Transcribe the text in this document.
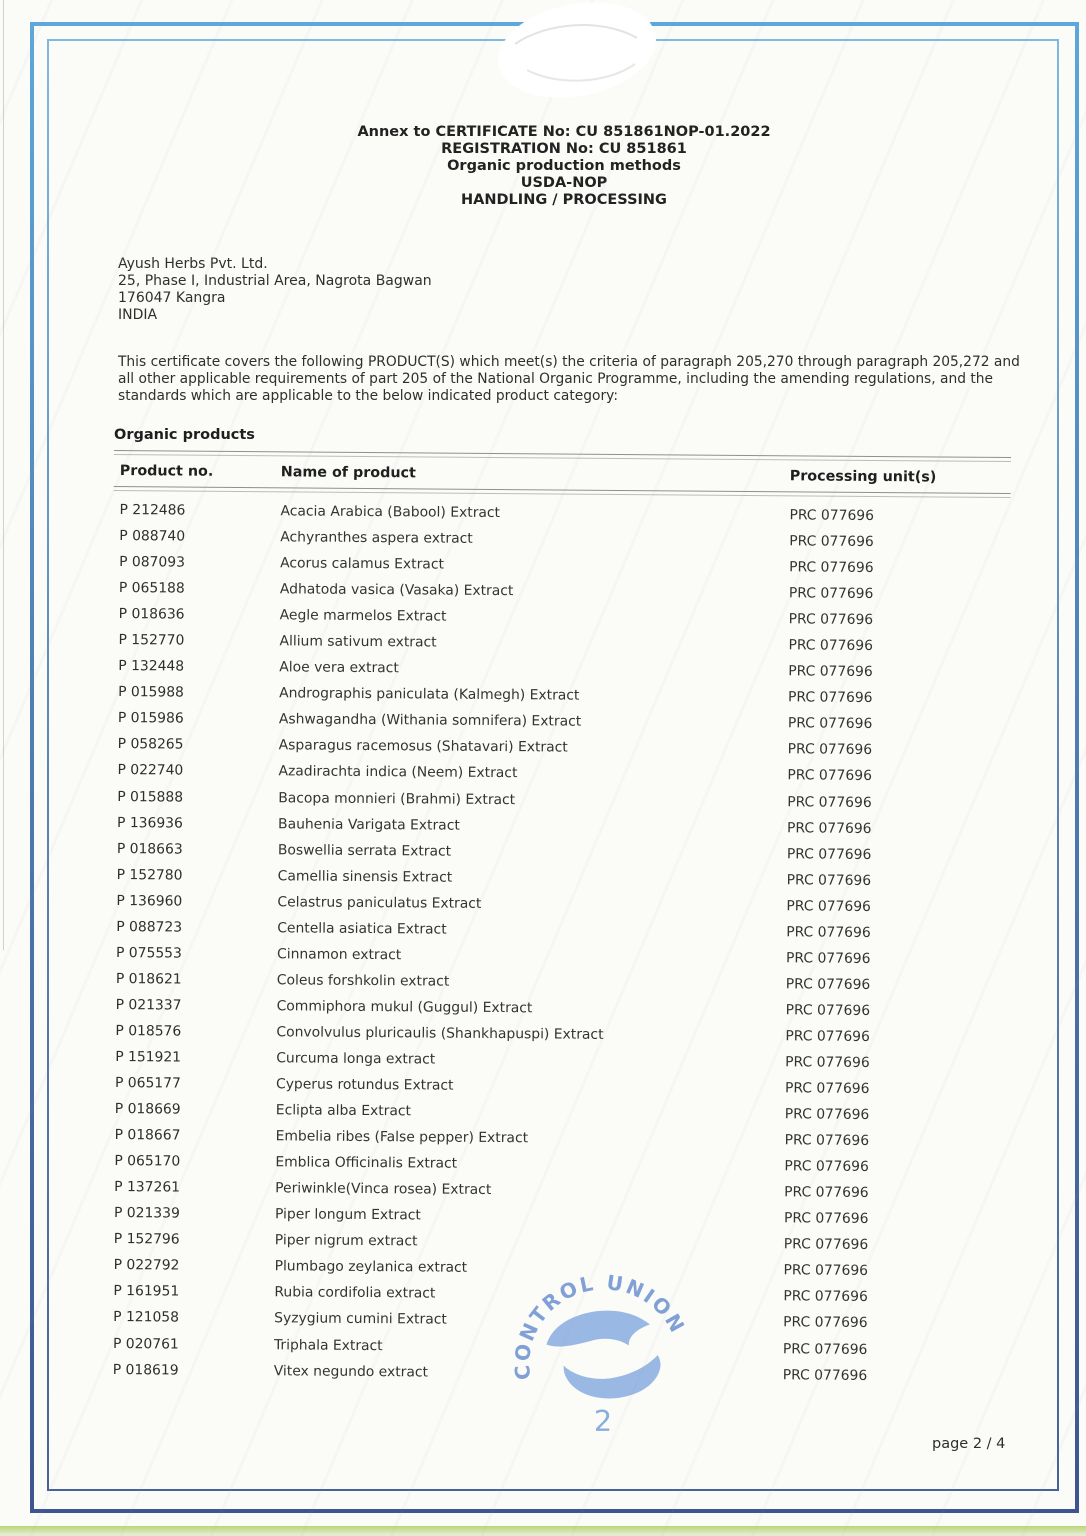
Annex to CERTIFICATE No: CU 851861NOP-01.2022
REGISTRATION No: CU 851861
Organic production methods
USDA-NOP
HANDLING / PROCESSING
Ayush Herbs Pvt. Ltd.
25, Phase I, Industrial Area, Nagrota Bagwan
176047 Kangra
INDIA
This certificate covers the following PRODUCT(S) which meet(s) the criteria of paragraph 205,270 through paragraph 205,272 and all other applicable requirements of part 205 of the National Organic Programme, including the amending regulations, and the standards which are applicable to the below indicated product category:
Organic products
Product no.	Name of product	Processing unit(s)
P 212486	Acacia Arabica (Babool) Extract	PRC 077696
P 088740	Achyranthes aspera extract	PRC 077696
P 087093	Acorus calamus Extract	PRC 077696
P 065188	Adhatoda vasica (Vasaka) Extract	PRC 077696
P 018636	Aegle marmelos Extract	PRC 077696
P 152770	Allium sativum extract	PRC 077696
P 132448	Aloe vera extract	PRC 077696
P 015988	Andrographis paniculata (Kalmegh) Extract	PRC 077696
P 015986	Ashwagandha (Withania somnifera) Extract	PRC 077696
P 058265	Asparagus racemosus (Shatavari) Extract	PRC 077696
P 022740	Azadirachta indica (Neem) Extract	PRC 077696
P 015888	Bacopa monnieri (Brahmi) Extract	PRC 077696
P 136936	Bauhenia Varigata Extract	PRC 077696
P 018663	Boswellia serrata Extract	PRC 077696
P 152780	Camellia sinensis Extract	PRC 077696
P 136960	Celastrus paniculatus Extract	PRC 077696
P 088723	Centella asiatica Extract	PRC 077696
P 075553	Cinnamon extract	PRC 077696
P 018621	Coleus forshkolin extract	PRC 077696
P 021337	Commiphora mukul (Guggul) Extract	PRC 077696
P 018576	Convolvulus pluricaulis (Shankhapuspi) Extract	PRC 077696
P 151921	Curcuma longa extract	PRC 077696
P 065177	Cyperus rotundus Extract	PRC 077696
P 018669	Eclipta alba Extract	PRC 077696
P 018667	Embelia ribes (False pepper) Extract	PRC 077696
P 065170	Emblica Officinalis Extract	PRC 077696
P 137261	Periwinkle(Vinca rosea) Extract	PRC 077696
P 021339	Piper longum Extract	PRC 077696
P 152796	Piper nigrum extract	PRC 077696
P 022792	Plumbago zeylanica extract	PRC 077696
P 161951	Rubia cordifolia extract	PRC 077696
P 121058	Syzygium cumini Extract	PRC 077696
P 020761	Triphala Extract	PRC 077696
P 018619	Vitex negundo extract	PRC 077696
CONTROL UNION
2
page 2 / 4
